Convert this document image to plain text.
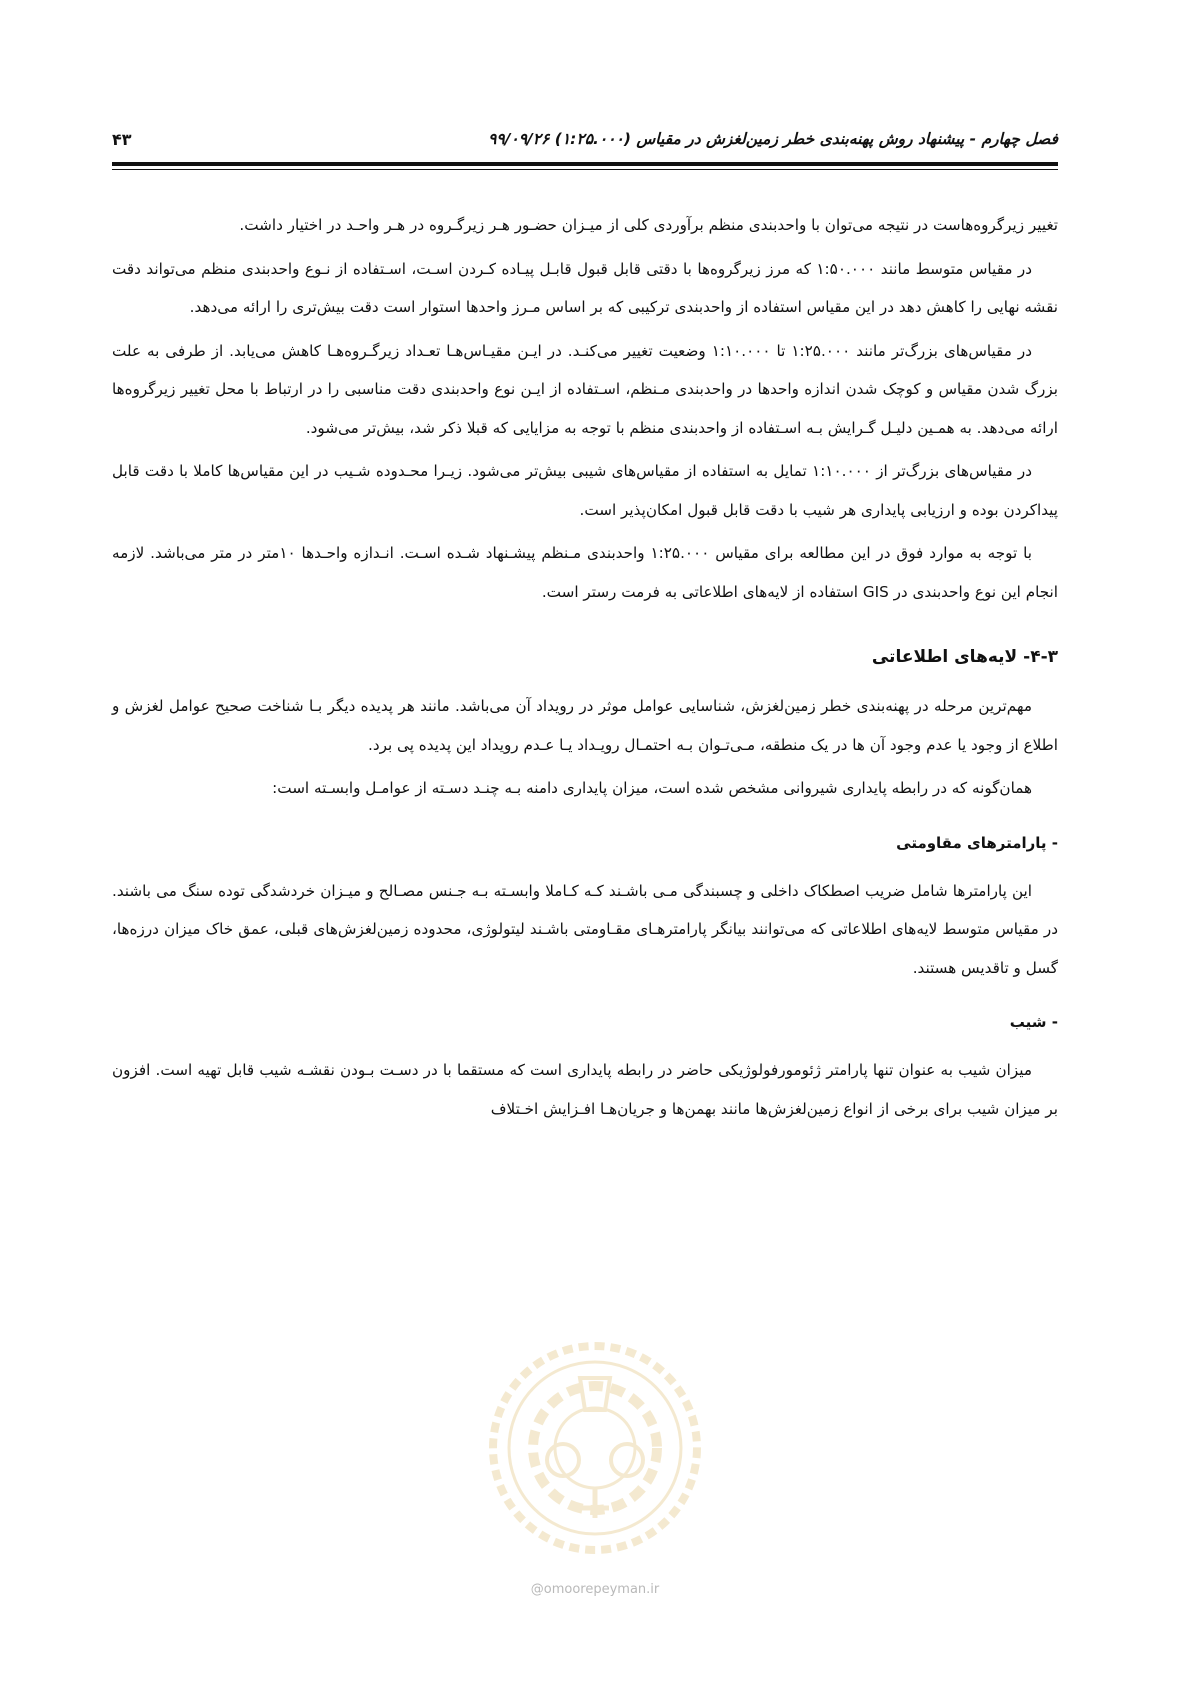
فصل چهارم - پیشنهاد روش پهنه‌بندی خطر زمین‌لغزش در مقیاس (۱:۲۵.۰۰۰) ۹۹/۰۹/۲۶
۴۳

تغییر زیرگروه‌هاست در نتیجه می‌توان با واحدبندی منظم برآوردی کلی از میـزان حضـور هـر زیرگـروه در هـر واحـد در اختیار داشت.

در مقیاس متوسط مانند ۱:۵۰.۰۰۰ که مرز زیرگروه‌ها با دقتی قابل قبول قابـل پیـاده کـردن اسـت، اسـتفاده از نـوع واحدبندی منظم می‌تواند دقت نقشه نهایی را کاهش دهد در این مقیاس استفاده از واحدبندی ترکیبی که بر اساس مـرز واحدها استوار است دقت بیش‌تری را ارائه می‌دهد.

در مقیاس‌های بزرگ‌تر مانند ۱:۲۵.۰۰۰ تا ۱:۱۰.۰۰۰ وضعیت تغییر می‌کنـد. در ایـن مقیـاس‌هـا تعـداد زیرگـروه‌هـا کاهش می‌یابد. از طرفی به علت بزرگ شدن مقیاس و کوچک شدن اندازه واحدها در واحدبندی مـنظم، اسـتفاده از ایـن نوع واحدبندی دقت مناسبی را در ارتباط با محل تغییر زیرگروه‌ها ارائه می‌دهد. به همـین دلیـل گـرایش بـه اسـتفاده از واحدبندی منظم با توجه به مزایایی که قبلا ذکر شد، بیش‌تر می‌شود.

در مقیاس‌های بزرگ‌تر از ۱:۱۰.۰۰۰ تمایل به استفاده از مقیاس‌های شیبی بیش‌تر می‌شود. زیـرا محـدوده شـیب در این مقیاس‌ها کاملا با دقت قابل پیداکردن بوده و ارزیابی پایداری هر شیب با دقت قابل قبول امکان‌پذیر است.

با توجه به موارد فوق در این مطالعه برای مقیاس ۱:۲۵.۰۰۰ واحدبندی مـنظم پیشـنهاد شـده اسـت. انـدازه واحـدها ۱۰متر در متر می‌باشد. لازمه انجام این نوع واحدبندی در GIS استفاده از لایه‌های اطلاعاتی به فرمت رستر است.

۴-۳- لایه‌های اطلاعاتی

مهم‌ترین مرحله در پهنه‌بندی خطر زمین‌لغزش، شناسایی عوامل موثر در رویداد آن می‌باشد. مانند هر پدیده دیگر بـا شناخت صحیح عوامل لغزش و اطلاع از وجود یا عدم وجود آن ها در یک منطقه، مـی‌تـوان بـه احتمـال رویـداد یـا عـدم رویداد این پدیده پی برد.

همان‌گونه که در رابطه پایداری شیروانی مشخص شده است، میزان پایداری دامنه بـه چنـد دسـته از عوامـل وابسـته است:

- پارامترهای مقاومتی

این پارامترها شامل ضریب اصطکاک داخلی و چسبندگی مـی باشـند کـه کـاملا وابسـته بـه جـنس مصـالح و میـزان خردشدگی توده سنگ می باشند. در مقیاس متوسط لایه‌های اطلاعاتی که می‌توانند بیانگر پارامترهـای مقـاومتی باشـند لیتولوژی، محدوده زمین‌لغزش‌های قبلی، عمق خاک میزان درزه‌ها، گسل و تاقدیس هستند.

- شیب

میزان شیب به عنوان تنها پارامتر ژئومورفولوژیکی حاضر در رابطه پایداری است که مستقما با در دسـت بـودن نقشـه شیب قابل تهیه است. افزون بر میزان شیب برای برخی از انواع زمین‌لغزش‌ها مانند بهمن‌ها و جریان‌هـا افـزایش اخـتلاف

@omoorepeyman.ir
